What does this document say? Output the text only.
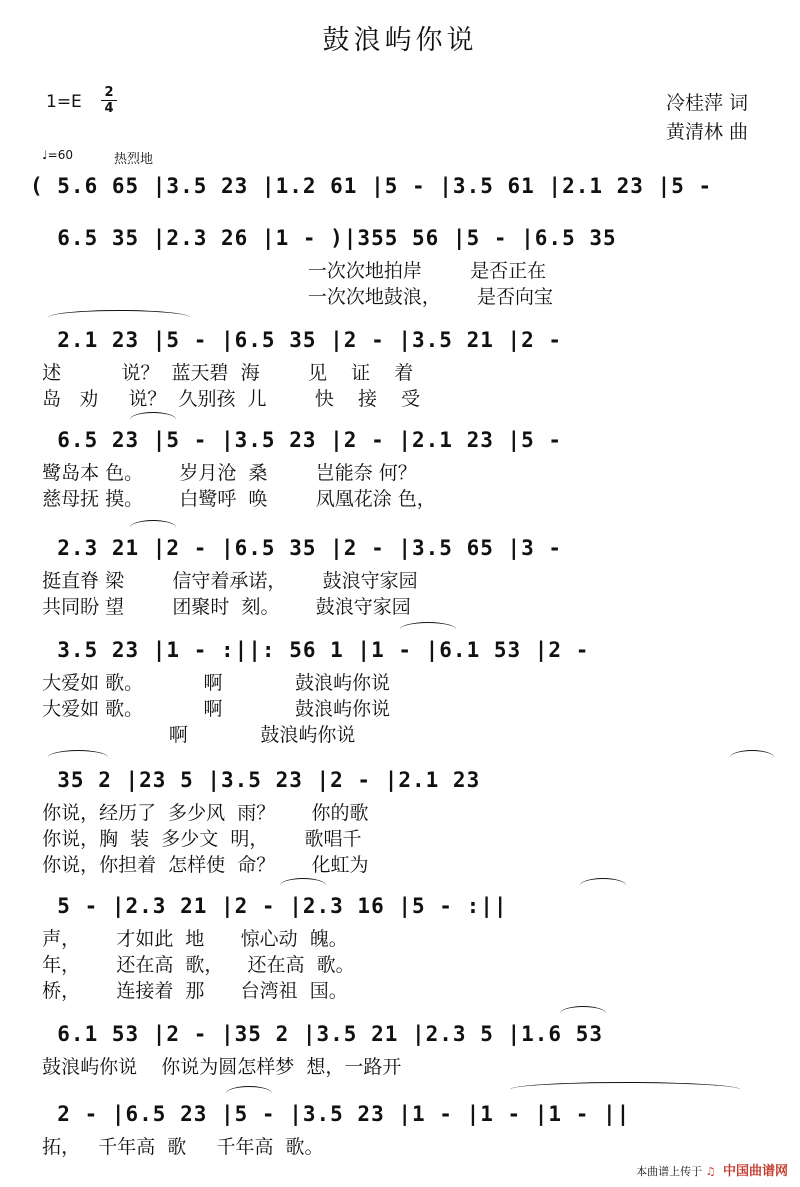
鼓浪屿你说
1=E 2
4	冷桂萍 词
黄清林 曲
♩=60	热烈地
( 5.6 65 |3.5 23 |1.2 61 |5 - |3.5 61 |2.1 23 |5 -
6.5 35 |2.3 26 |1 - )|355 56 |5 - |6.5 35
一次次地拍岸        是否正在
一次次地鼓浪，      是否向宝
2.1 23 |5 - |6.5 35 |2 - |3.5 21 |2 -
述          说？  蓝天碧  海        见    证    着
岛   劝     说？  久别孩  儿        快    接    受
6.5 23 |5 - |3.5 23 |2 - |2.1 23 |5 -
鹭岛本 色。      岁月沧  桑        岂能奈 何？
慈母抚 摸。      白鹭呼  唤        凤凰花涂 色，
2.3 21 |2 - |6.5 35 |2 - |3.5 65 |3 -
挺直脊 梁        信守着承诺，      鼓浪守家园
共同盼 望        团聚时  刻。      鼓浪守家园
3.5 23 |1 - :||: 56 1 |1 - |6.1 53 |2 -
大爱如 歌。          啊            鼓浪屿你说
大爱如 歌。          啊            鼓浪屿你说
啊            鼓浪屿你说
35 2 |23 5 |3.5 23 |2 - |2.1 23
你说，经历了  多少风  雨？      你的歌
你说，胸  装  多少文  明，      歌唱千
你说，你担着  怎样使  命？      化虹为
5 - |2.3 21 |2 - |2.3 16 |5 - :||
声，      才如此  地      惊心动  魄。
年，      还在高  歌，    还在高  歌。
桥，      连接着  那      台湾祖  国。
6.1 53 |2 - |35 2 |3.5 21 |2.3 5 |1.6 53
鼓浪屿你说    你说为圆怎样梦  想，一路开
2 - |6.5 23 |5 - |3.5 23 |1 - |1 - |1 - ||
拓，   千年高  歌     千年高  歌。
本曲谱上传于 ♫ 中国曲谱网
